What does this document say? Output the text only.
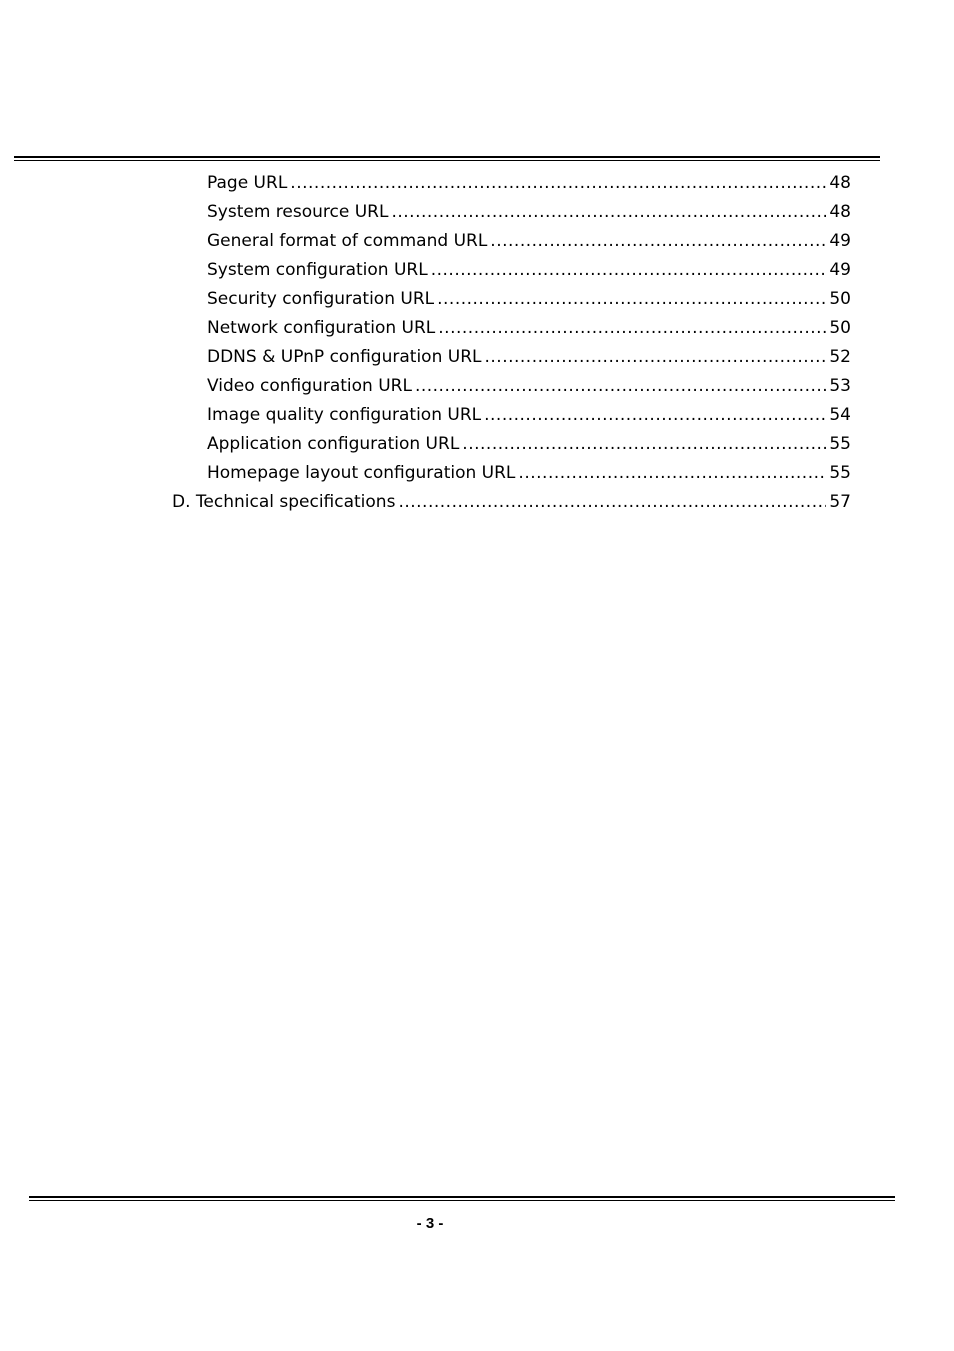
Page URL .....	48
System resource URL .....	48
General format of command URL .....	49
System configuration URL .....	49
Security configuration URL .....	50
Network configuration URL .....	50
DDNS & UPnP configuration URL .....	52
Video configuration URL .....	53
Image quality configuration URL .....	54
Application configuration URL .....	55
Homepage layout configuration URL .....	55
D. Technical specifications .....	57
- 3 -
